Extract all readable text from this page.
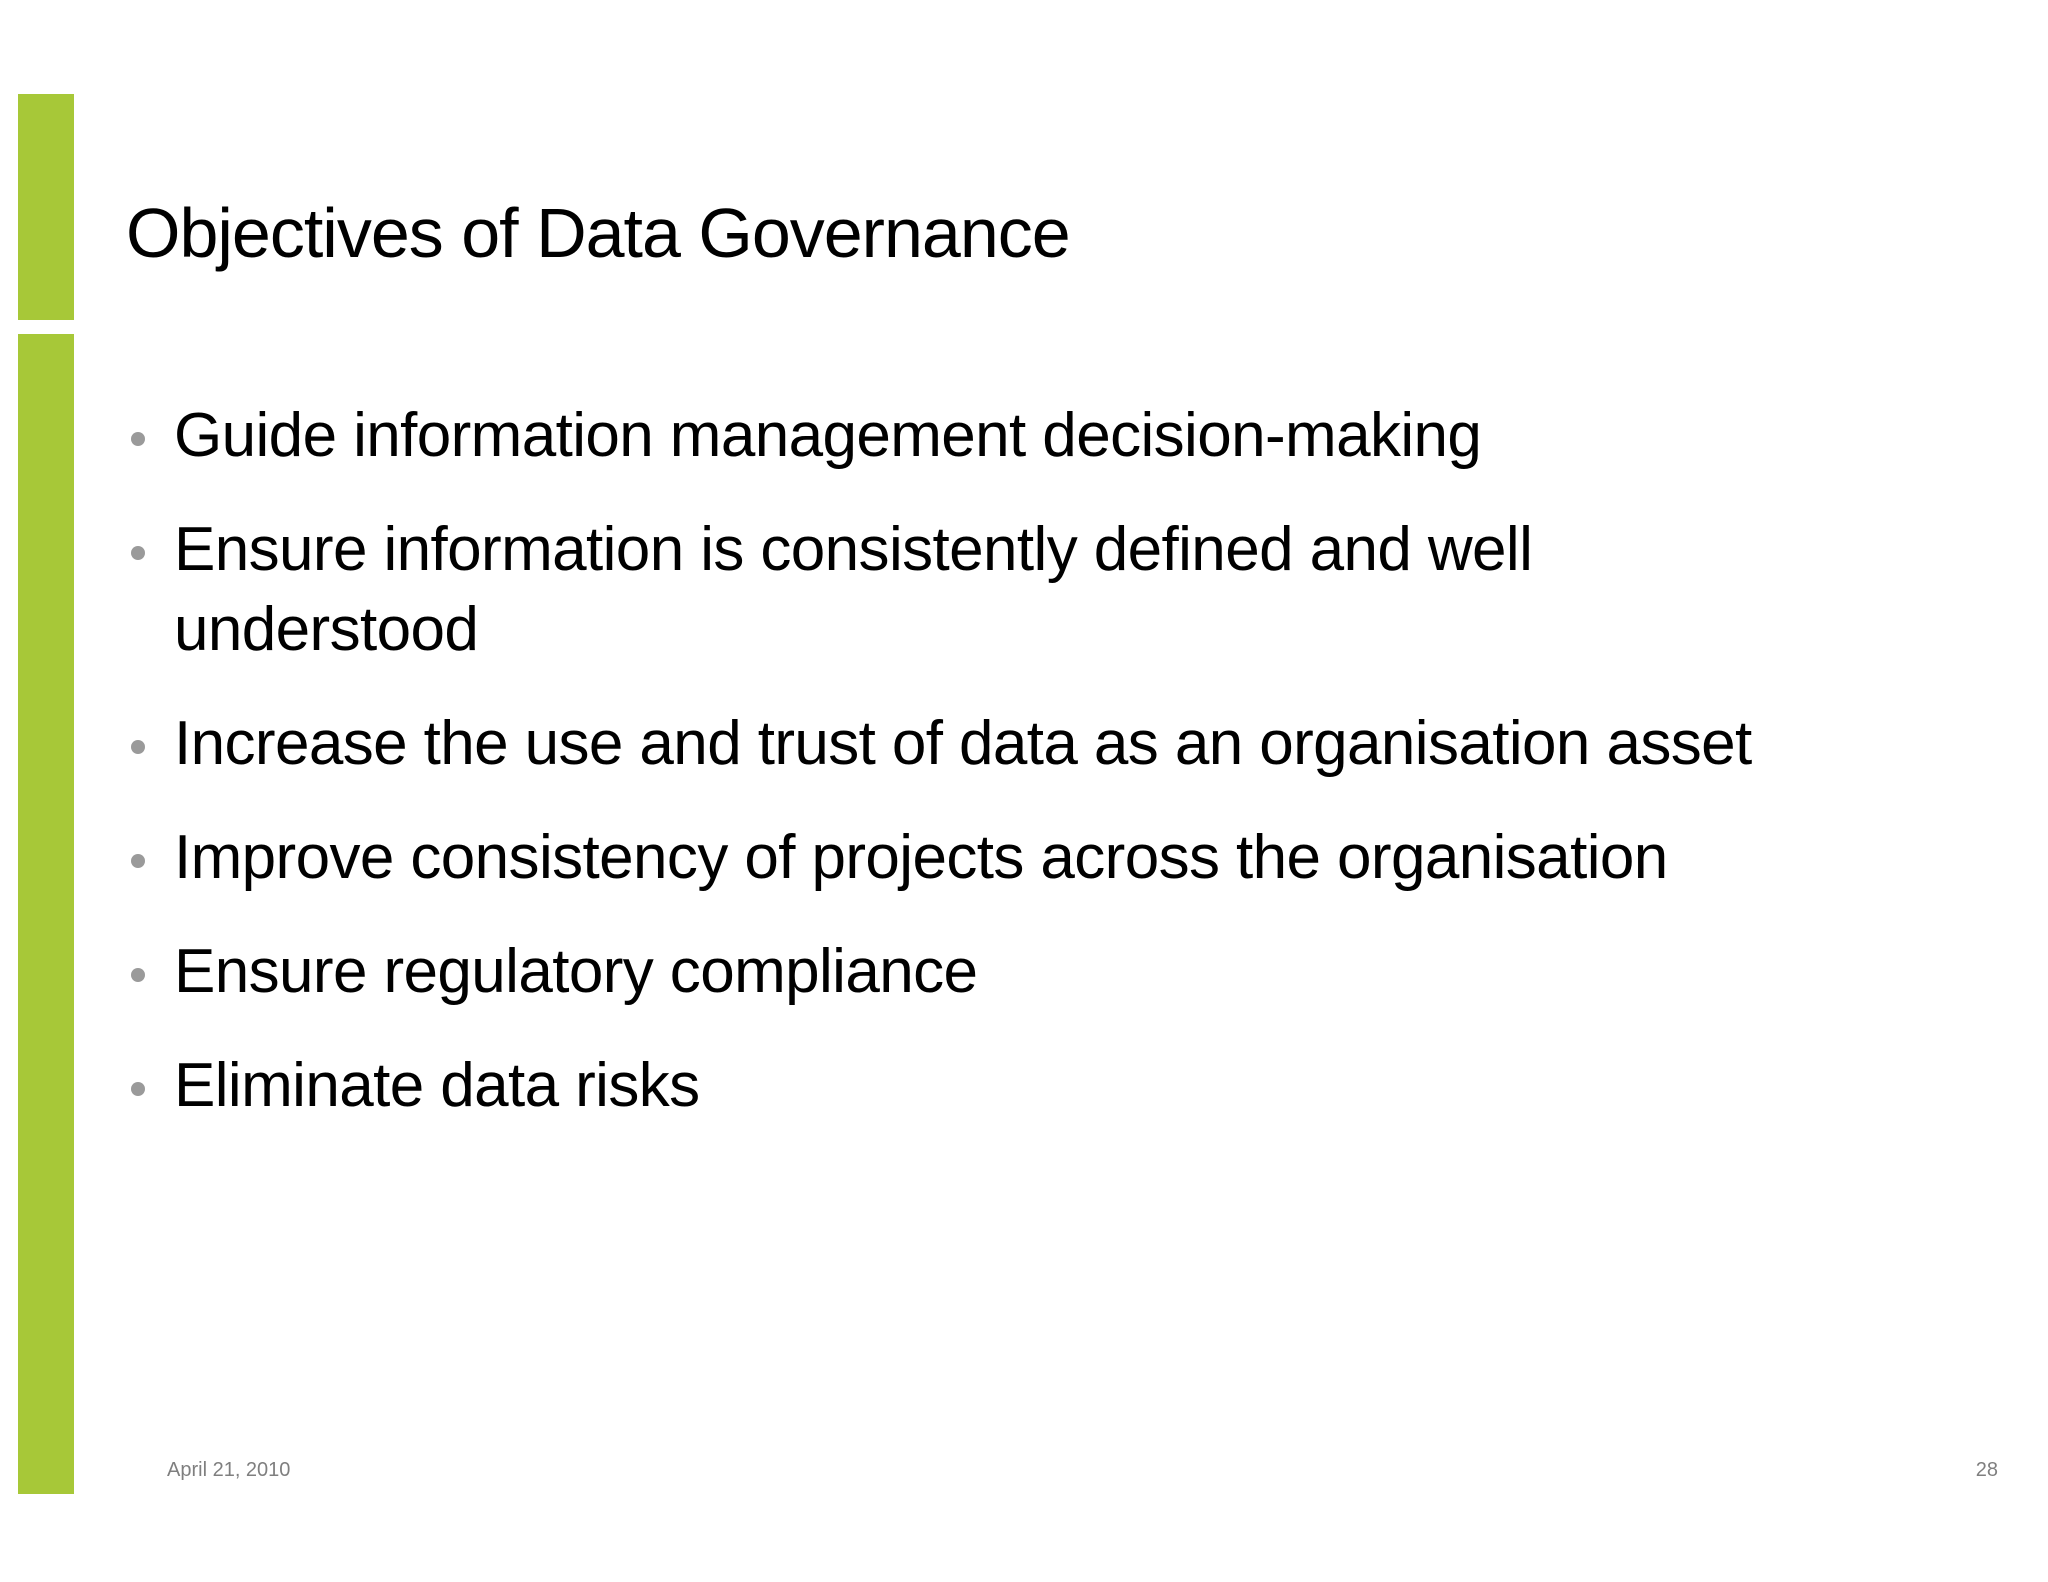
Objectives of Data Governance
Guide information management decision-making
Ensure information is consistently defined and well understood
Increase the use and trust of data as an organisation asset
Improve consistency of projects across the organisation
Ensure regulatory compliance
Eliminate data risks
April 21, 2010	28
